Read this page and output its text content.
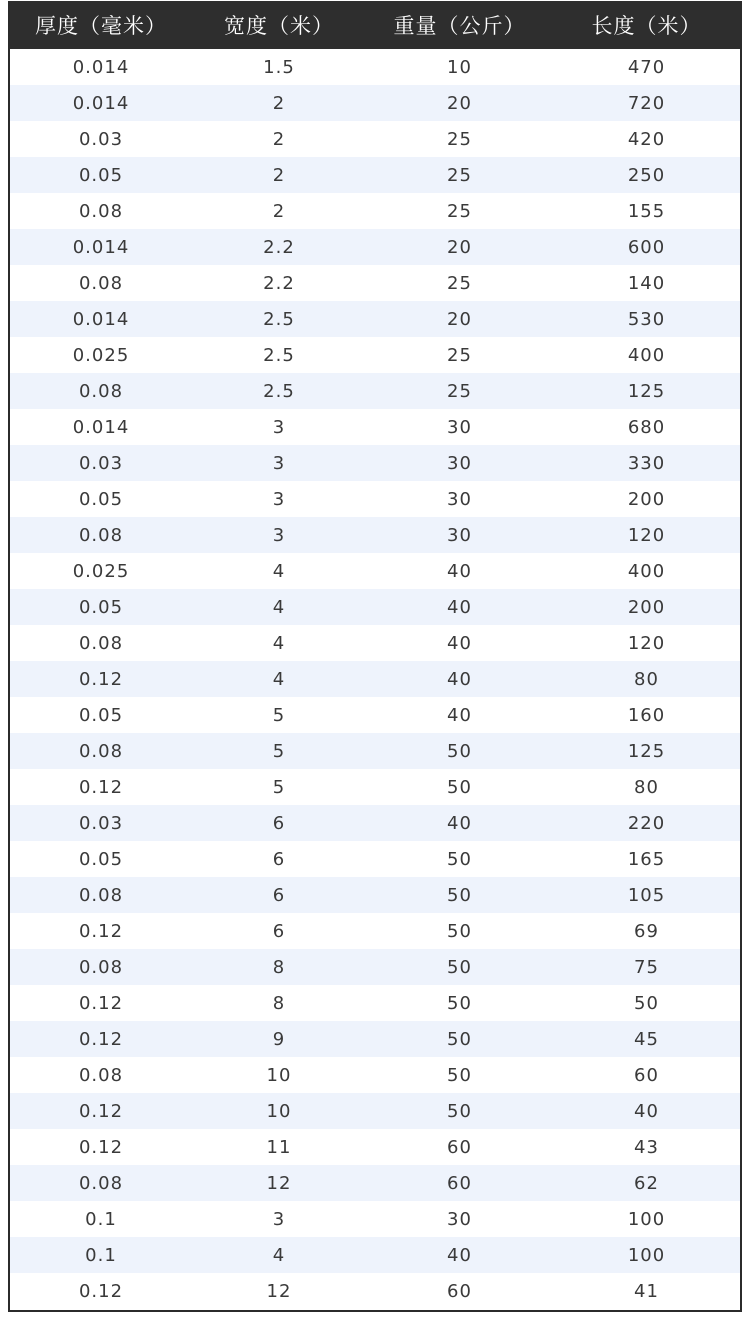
厚度（毫米）	宽度（米）	重量（公斤）	长度（米）
0.014	1.5	10	470
0.014	2	20	720
0.03	2	25	420
0.05	2	25	250
0.08	2	25	155
0.014	2.2	20	600
0.08	2.2	25	140
0.014	2.5	20	530
0.025	2.5	25	400
0.08	2.5	25	125
0.014	3	30	680
0.03	3	30	330
0.05	3	30	200
0.08	3	30	120
0.025	4	40	400
0.05	4	40	200
0.08	4	40	120
0.12	4	40	80
0.05	5	40	160
0.08	5	50	125
0.12	5	50	80
0.03	6	40	220
0.05	6	50	165
0.08	6	50	105
0.12	6	50	69
0.08	8	50	75
0.12	8	50	50
0.12	9	50	45
0.08	10	50	60
0.12	10	50	40
0.12	11	60	43
0.08	12	60	62
0.1	3	30	100
0.1	4	40	100
0.12	12	60	41
